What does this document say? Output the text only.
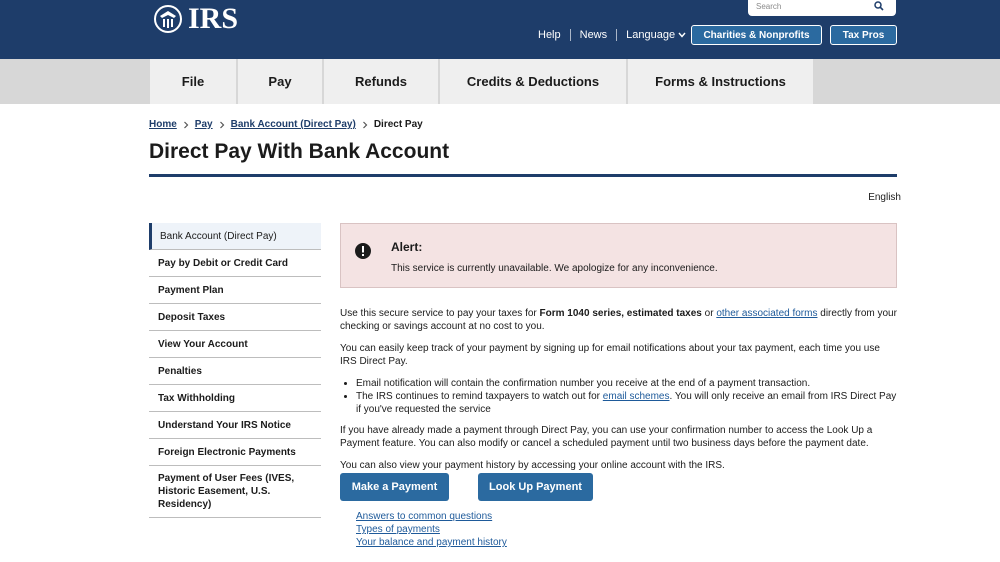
IRS
Search	Help News Language	Charities & Nonprofits	Tax Pros
File	Pay	Refunds	Credits & Deductions	Forms & Instructions
Home Pay Bank Account (Direct Pay) Direct Pay
Direct Pay With Bank Account
English
Bank Account (Direct Pay)
Pay by Debit or Credit Card
Payment Plan
Deposit Taxes
View Your Account
Penalties
Tax Withholding
Understand Your IRS Notice
Foreign Electronic Payments
Payment of User Fees (IVES, Historic Easement, U.S. Residency)
Alert:
This service is currently unavailable. We apologize for any inconvenience.

Use this secure service to pay your taxes for Form 1040 series, estimated taxes or other associated forms directly from your checking or savings account at no cost to you.

You can easily keep track of your payment by signing up for email notifications about your tax payment, each time you use IRS Direct Pay.

• Email notification will contain the confirmation number you receive at the end of a payment transaction.
• The IRS continues to remind taxpayers to watch out for email schemes. You will only receive an email from IRS Direct Pay if you've requested the service

If you have already made a payment through Direct Pay, you can use your confirmation number to access the Look Up a Payment feature. You can also modify or cancel a scheduled payment until two business days before the payment date.

You can also view your payment history by accessing your online account with the IRS.

Make a Payment	Look Up Payment
Answers to common questions
Types of payments
Your balance and payment history
